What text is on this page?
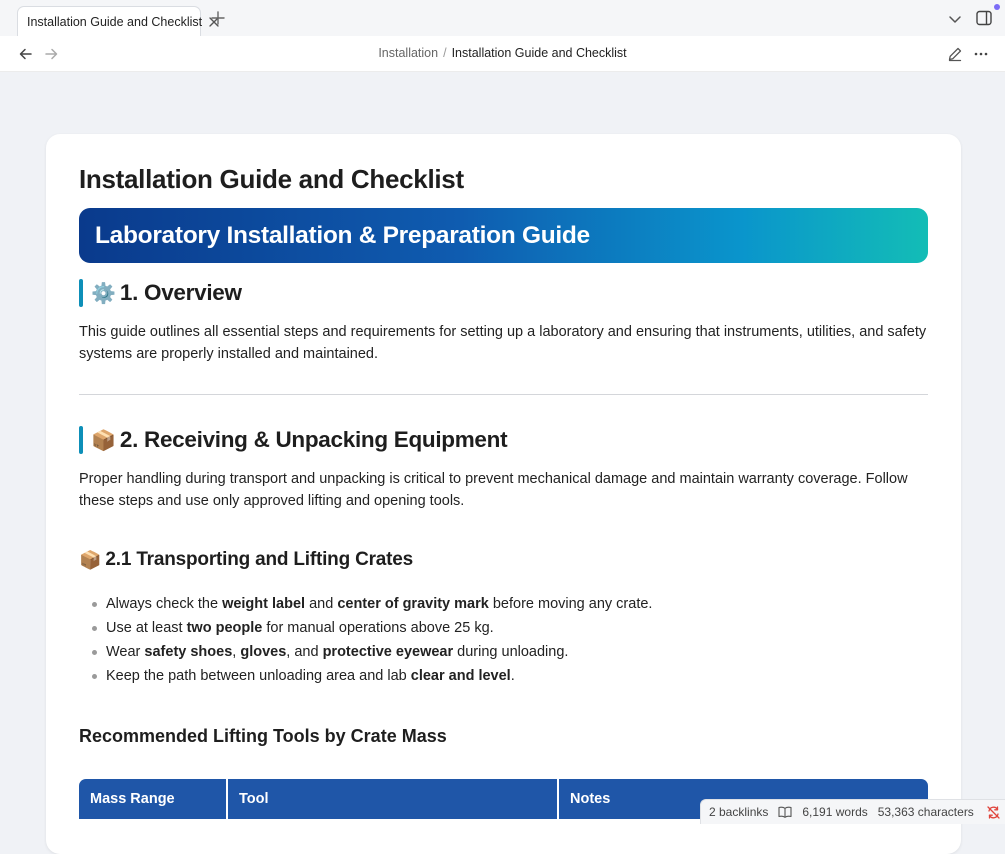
Installation Guide and Checklist
Installation / Installation Guide and Checklist
Installation Guide and Checklist
Laboratory Installation & Preparation Guide
⚙️ 1. Overview
This guide outlines all essential steps and requirements for setting up a laboratory and ensuring that instruments, utilities, and safety systems are properly installed and maintained.
📦 2. Receiving & Unpacking Equipment
Proper handling during transport and unpacking is critical to prevent mechanical damage and maintain warranty coverage. Follow these steps and use only approved lifting and opening tools.
📦 2.1 Transporting and Lifting Crates
Always check the weight label and center of gravity mark before moving any crate.
Use at least two people for manual operations above 25 kg.
Wear safety shoes, gloves, and protective eyewear during unloading.
Keep the path between unloading area and lab clear and level.
Recommended Lifting Tools by Crate Mass
Mass Range	Tool	Notes
2 backlinks	6,191 words 53,363 characters
